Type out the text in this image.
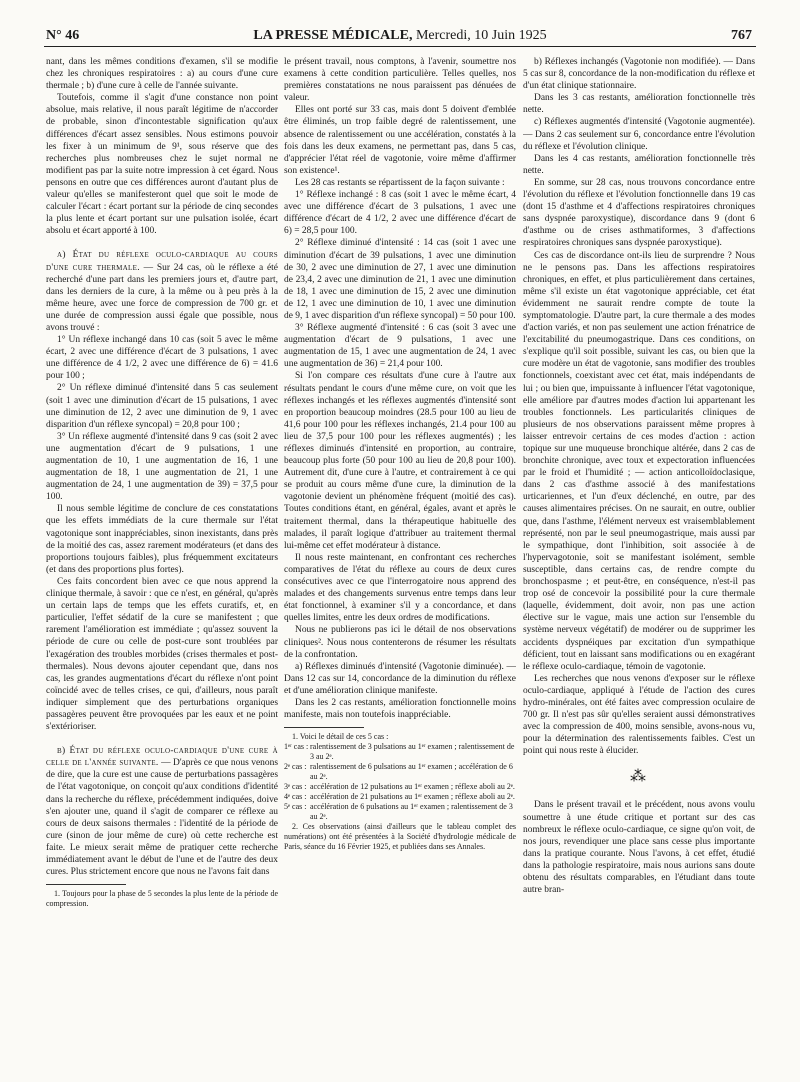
N° 46	LA PRESSE MÉDICALE, Mercredi, 10 Juin 1925	767

nant, dans les mêmes conditions d'examen, s'il se modifie chez les chroniques respiratoires : a) au cours d'une cure thermale ; b) d'une cure à celle de l'année suivante.

Toutefois, comme il s'agit d'une constance non point absolue, mais relative, il nous paraît légitime de n'accorder de probable, sinon d'incontestable signification qu'aux différences d'écart assez sensibles. Nous estimons pouvoir les fixer à un minimum de 9¹, sous réserve que des recherches plus nombreuses chez le sujet normal ne modifient pas par la suite notre impression à cet égard. Nous pensons en outre que ces différences auront d'autant plus de valeur qu'elles se manifesteront quel que soit le mode de calculer l'écart : écart portant sur la période de cinq secondes la plus lente et écart portant sur une pulsation isolée, écart absolu et écart apporté à 100.

a) État du réflexe oculo-cardiaque au cours d'une cure thermale. — Sur 24 cas, où le réflexe a été recherché d'une part dans les premiers jours et, d'autre part, dans les derniers de la cure, à la même ou à peu près à la même heure, avec une force de compression de 700 gr. et une durée de compression aussi égale que possible, nous avons trouvé :

1° Un réflexe inchangé dans 10 cas (soit 5 avec le même écart, 2 avec une différence d'écart de 3 pulsations, 1 avec une différence de 4 1/2, 2 avec une différence de 6) = 41.6 pour 100 ;

2° Un réflexe diminué d'intensité dans 5 cas seulement (soit 1 avec une diminution d'écart de 15 pulsations, 1 avec une diminution de 12, 2 avec une diminution de 9, 1 avec disparition d'un réflexe syncopal) = 20,8 pour 100 ;

3° Un réflexe augmenté d'intensité dans 9 cas (soit 2 avec une augmentation d'écart de 9 pulsations, 1 une augmentation de 10, 1 une augmentation de 16, 1 une augmentation de 18, 1 une augmentation de 21, 1 une augmentation de 24, 1 une augmentation de 39) = 37,5 pour 100.

Il nous semble légitime de conclure de ces constatations que les effets immédiats de la cure thermale sur l'état vagotonique sont inappréciables, sinon inexistants, dans près de la moitié des cas, assez rarement modérateurs (et dans des proportions toujours faibles), plus fréquemment excitateurs (et dans des proportions plus fortes).

Ces faits concordent bien avec ce que nous apprend la clinique thermale, à savoir : que ce n'est, en général, qu'après un certain laps de temps que les effets curatifs, et, en particulier, l'effet sédatif de la cure se manifestent ; que rarement l'amélioration est immédiate ; qu'assez souvent la période de cure ou celle de post-cure sont troublées par l'exagération des troubles morbides (crises thermales et post-thermales). Nous devons ajouter cependant que, dans nos cas, les grandes augmentations d'écart du réflexe n'ont point coïncidé avec de telles crises, ce qui, d'ailleurs, nous paraît indiquer simplement que des perturbations organiques passagères peuvent être provoquées par les eaux et ne point s'extérioriser.

b) État du réflexe oculo-cardiaque d'une cure à celle de l'année suivante. — D'après ce que nous venons de dire, que la cure est une cause de perturbations passagères de l'état vagotonique, on conçoit qu'aux conditions d'identité dans la recherche du réflexe, précédemment indiquées, doive s'en ajouter une, quand il s'agit de comparer ce réflexe au cours de deux saisons thermales : l'identité de la période de cure (sinon de jour même de cure) où cette recherche est faite. Le mieux serait même de pratiquer cette recherche immédiatement avant le début de l'une et de l'autre des deux cures. Plus strictement encore que nous ne l'avons fait dans

1. Toujours pour la phase de 5 secondes la plus lente de la période de compression.

le présent travail, nous comptons, à l'avenir, soumettre nos examens à cette condition particulière. Telles quelles, nos premières constatations ne nous paraissent pas dénuées de valeur.

Elles ont porté sur 33 cas, mais dont 5 doivent d'emblée être éliminés, un trop faible degré de ralentissement, une absence de ralentissement ou une accélération, constatés à la fois dans les deux examens, ne permettant pas, dans 5 cas, d'apprécier l'état réel de vagotonie, voire même d'affirmer son existence¹.

Les 28 cas restants se répartissent de la façon suivante :

1° Réflexe inchangé : 8 cas (soit 1 avec le même écart, 4 avec une différence d'écart de 3 pulsations, 1 avec une différence d'écart de 4 1/2, 2 avec une différence d'écart de 6) = 28,5 pour 100.

2° Réflexe diminué d'intensité : 14 cas (soit 1 avec une diminution d'écart de 39 pulsations, 1 avec une diminution de 30, 2 avec une diminution de 27, 1 avec une diminution de 23,4, 2 avec une diminution de 21, 1 avec une diminution de 18, 1 avec une diminution de 15, 2 avec une diminution de 12, 1 avec une diminution de 10, 1 avec une diminution de 9, 1 avec disparition d'un réflexe syncopal) = 50 pour 100.

3° Réflexe augmenté d'intensité : 6 cas (soit 3 avec une augmentation d'écart de 9 pulsations, 1 avec une augmentation de 15, 1 avec une augmentation de 24, 1 avec une augmentation de 36) = 21,4 pour 100.

Si l'on compare ces résultats d'une cure à l'autre aux résultats pendant le cours d'une même cure, on voit que les réflexes inchangés et les réflexes augmentés d'intensité sont en proportion beaucoup moindres (28.5 pour 100 au lieu de 41,6 pour 100 pour les réflexes inchangés, 21.4 pour 100 au lieu de 37,5 pour 100 pour les réflexes augmentés) ; les réflexes diminués d'intensité en proportion, au contraire, beaucoup plus forte (50 pour 100 au lieu de 20,8 pour 100). Autrement dit, d'une cure à l'autre, et contrairement à ce qui se produit au cours même d'une cure, la diminution de la vagotonie devient un phénomène fréquent (moitié des cas). Toutes conditions étant, en général, égales, avant et après le traitement thermal, dans la thérapeutique habituelle des malades, il paraît logique d'attribuer au traitement thermal lui-même cet effet modérateur à distance.

Il nous reste maintenant, en confrontant ces recherches comparatives de l'état du réflexe au cours de deux cures consécutives avec ce que l'interrogatoire nous apprend des malades et des changements survenus entre temps dans leur état fonctionnel, à examiner s'il y a concordance, et dans quelles limites, entre les deux ordres de modifications.

Nous ne publierons pas ici le détail de nos observations cliniques². Nous nous contenterons de résumer les résultats de la confrontation.

a) Réflexes diminués d'intensité (Vagotonie diminuée). — Dans 12 cas sur 14, concordance de la diminution du réflexe et d'une amélioration clinique manifeste.

Dans les 2 cas restants, amélioration fonctionnelle moins manifeste, mais non toutefois inappréciable.

1. Voici le détail de ces 5 cas :

1ᵉʳ cas : ralentissement de 3 pulsations au 1ᵉʳ examen ; ralentissement de 3 au 2ᵉ.
2ᵉ cas : ralentissement de 6 pulsations au 1ᵉʳ examen ; accélération de 6 au 2ᵉ.
3ᵉ cas : accélération de 12 pulsations au 1ᵉʳ examen ; réflexe aboli au 2ᵉ.
4ᵉ cas : accélération de 21 pulsations au 1ᵉʳ examen ; réflexe aboli au 2ᵉ.
5ᵉ cas : accélération de 6 pulsations au 1ᵉʳ examen ; ralentissement de 3 au 2ᵉ.

2. Ces observations (ainsi d'ailleurs que le tableau complet des numérations) ont été présentées à la Société d'hydrologie médicale de Paris, séance du 16 Février 1925, et publiées dans ses Annales.

b) Réflexes inchangés (Vagotonie non modifiée). — Dans 5 cas sur 8, concordance de la non-modification du réflexe et d'un état clinique stationnaire.

Dans les 3 cas restants, amélioration fonctionnelle très nette.

c) Réflexes augmentés d'intensité (Vagotonie augmentée). — Dans 2 cas seulement sur 6, concordance entre l'évolution du réflexe et l'évolution clinique.

Dans les 4 cas restants, amélioration fonctionnelle très nette.

En somme, sur 28 cas, nous trouvons concordance entre l'évolution du réflexe et l'évolution fonctionnelle dans 19 cas (dont 15 d'asthme et 4 d'affections respiratoires chroniques sans dyspnée paroxystique), discordance dans 9 (dont 6 d'asthme ou de crises asthmatiformes, 3 d'affections respiratoires chroniques sans dyspnée paroxystique).

Ces cas de discordance ont-ils lieu de surprendre ? Nous ne le pensons pas. Dans les affections respiratoires chroniques, en effet, et plus particulièrement dans certaines, même s'il existe un état vagotonique appréciable, cet état évidemment ne saurait rendre compte de toute la symptomatologie. D'autre part, la cure thermale a des modes d'action variés, et non pas seulement une action frénatrice de l'excitabilité du pneumogastrique. Dans ces conditions, on s'explique qu'il soit possible, suivant les cas, ou bien que la cure modère un état de vagotonie, sans modifier des troubles fonctionnels, coexistant avec cet état, mais indépendants de lui ; ou bien que, impuissante à influencer l'état vagotonique, elle améliore par d'autres modes d'action lui appartenant les troubles fonctionnels. Les particularités cliniques de plusieurs de nos observations paraissent même propres à laisser entrevoir certains de ces modes d'action : action topique sur une muqueuse bronchique altérée, dans 2 cas de bronchite chronique, avec toux et expectoration influencées par le froid et l'humidité ; — action anticolloïdoclasique, dans 2 cas d'asthme associé à des manifestations urticariennes, et l'un d'eux déclenché, en outre, par des causes alimentaires précises. On ne saurait, en outre, oublier que, dans l'asthme, l'élément nerveux est vraisemblablement représenté, non par le seul pneumogastrique, mais aussi par le sympathique, dont l'inhibition, soit associée à de l'hypervagotonie, soit se manifestant isolément, semble susceptible, dans certains cas, de rendre compte du bronchospasme ; et peut-être, en conséquence, n'est-il pas trop osé de concevoir la possibilité pour la cure thermale (laquelle, évidemment, doit avoir, non pas une action élective sur le vague, mais une action sur l'ensemble du système nerveux végétatif) de modérer ou de supprimer les accidents dyspnéiques par excitation d'un sympathique déficient, tout en laissant sans modifications ou en exagérant le réflexe oculo-cardiaque, témoin de vagotonie.

Les recherches que nous venons d'exposer sur le réflexe oculo-cardiaque, appliqué à l'étude de l'action des cures hydro-minérales, ont été faites avec compression oculaire de 700 gr. Il n'est pas sûr qu'elles seraient aussi démonstratives avec la compression de 400, moins sensible, avons-nous vu, pour la détermination des ralentissements faibles. C'est un point qui nous reste à élucider.

⁂

Dans le présent travail et le précédent, nous avons voulu soumettre à une étude critique et portant sur des cas nombreux le réflexe oculo-cardiaque, ce signe qu'on voit, de nos jours, revendiquer une place sans cesse plus importante dans la pratique courante. Nous l'avons, à cet effet, étudié dans la pathologie respiratoire, mais nous aurions sans doute obtenu des résultats comparables, en l'étudiant dans toute autre bran-
